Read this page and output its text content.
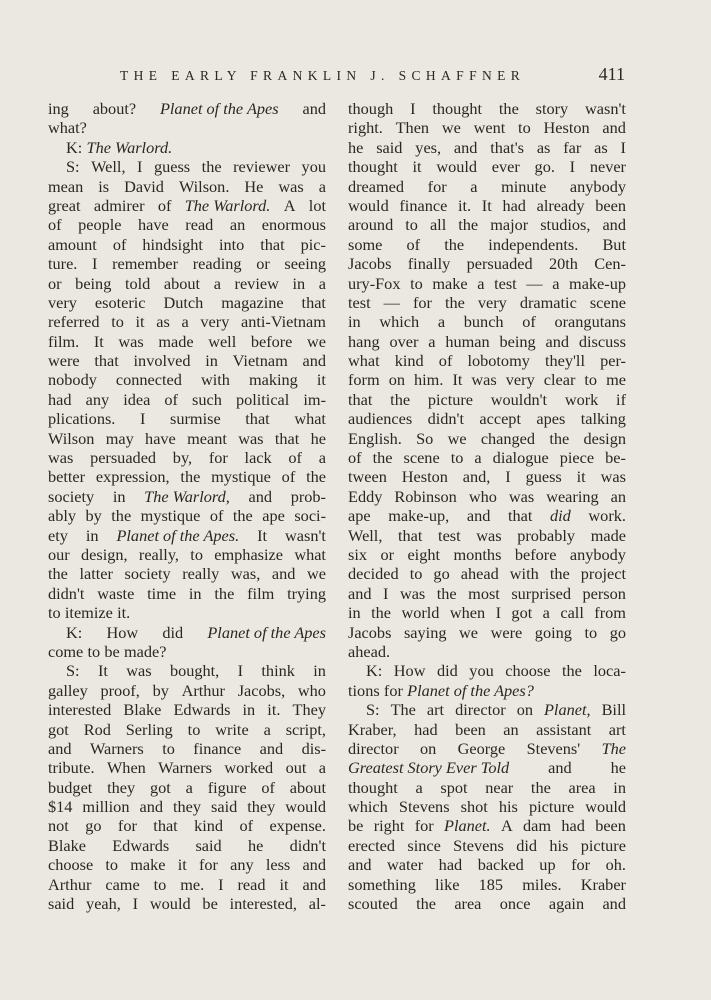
THE EARLY FRANKLIN J. SCHAFFNER	411
ing about? Planet of the Apes and
what?
K: The Warlord.
S: Well, I guess the reviewer you
mean is David Wilson. He was a
great admirer of The Warlord. A lot
of people have read an enormous
amount of hindsight into that pic-
ture. I remember reading or seeing
or being told about a review in a
very esoteric Dutch magazine that
referred to it as a very anti-Vietnam
film. It was made well before we
were that involved in Vietnam and
nobody connected with making it
had any idea of such political im-
plications. I surmise that what
Wilson may have meant was that he
was persuaded by, for lack of a
better expression, the mystique of the
society in The Warlord, and prob-
ably by the mystique of the ape soci-
ety in Planet of the Apes. It wasn't
our design, really, to emphasize what
the latter society really was, and we
didn't waste time in the film trying
to itemize it.
K: How did Planet of the Apes
come to be made?
S: It was bought, I think in
galley proof, by Arthur Jacobs, who
interested Blake Edwards in it. They
got Rod Serling to write a script,
and Warners to finance and dis-
tribute. When Warners worked out a
budget they got a figure of about
$14 million and they said they would
not go for that kind of expense.
Blake Edwards said he didn't
choose to make it for any less and
Arthur came to me. I read it and
said yeah, I would be interested, al-
though I thought the story wasn't
right. Then we went to Heston and
he said yes, and that's as far as I
thought it would ever go. I never
dreamed for a minute anybody
would finance it. It had already been
around to all the major studios, and
some of the independents. But
Jacobs finally persuaded 20th Cen-
ury-Fox to make a test — a make-up
test — for the very dramatic scene
in which a bunch of orangutans
hang over a human being and discuss
what kind of lobotomy they'll per-
form on him. It was very clear to me
that the picture wouldn't work if
audiences didn't accept apes talking
English. So we changed the design
of the scene to a dialogue piece be-
tween Heston and, I guess it was
Eddy Robinson who was wearing an
ape make-up, and that did work.
Well, that test was probably made
six or eight months before anybody
decided to go ahead with the project
and I was the most surprised person
in the world when I got a call from
Jacobs saying we were going to go
ahead.
K: How did you choose the loca-
tions for Planet of the Apes?
S: The art director on Planet, Bill
Kraber, had been an assistant art
director on George Stevens' The
Greatest Story Ever Told and he
thought a spot near the area in
which Stevens shot his picture would
be right for Planet. A dam had been
erected since Stevens did his picture
and water had backed up for oh.
something like 185 miles. Kraber
scouted the area once again and
